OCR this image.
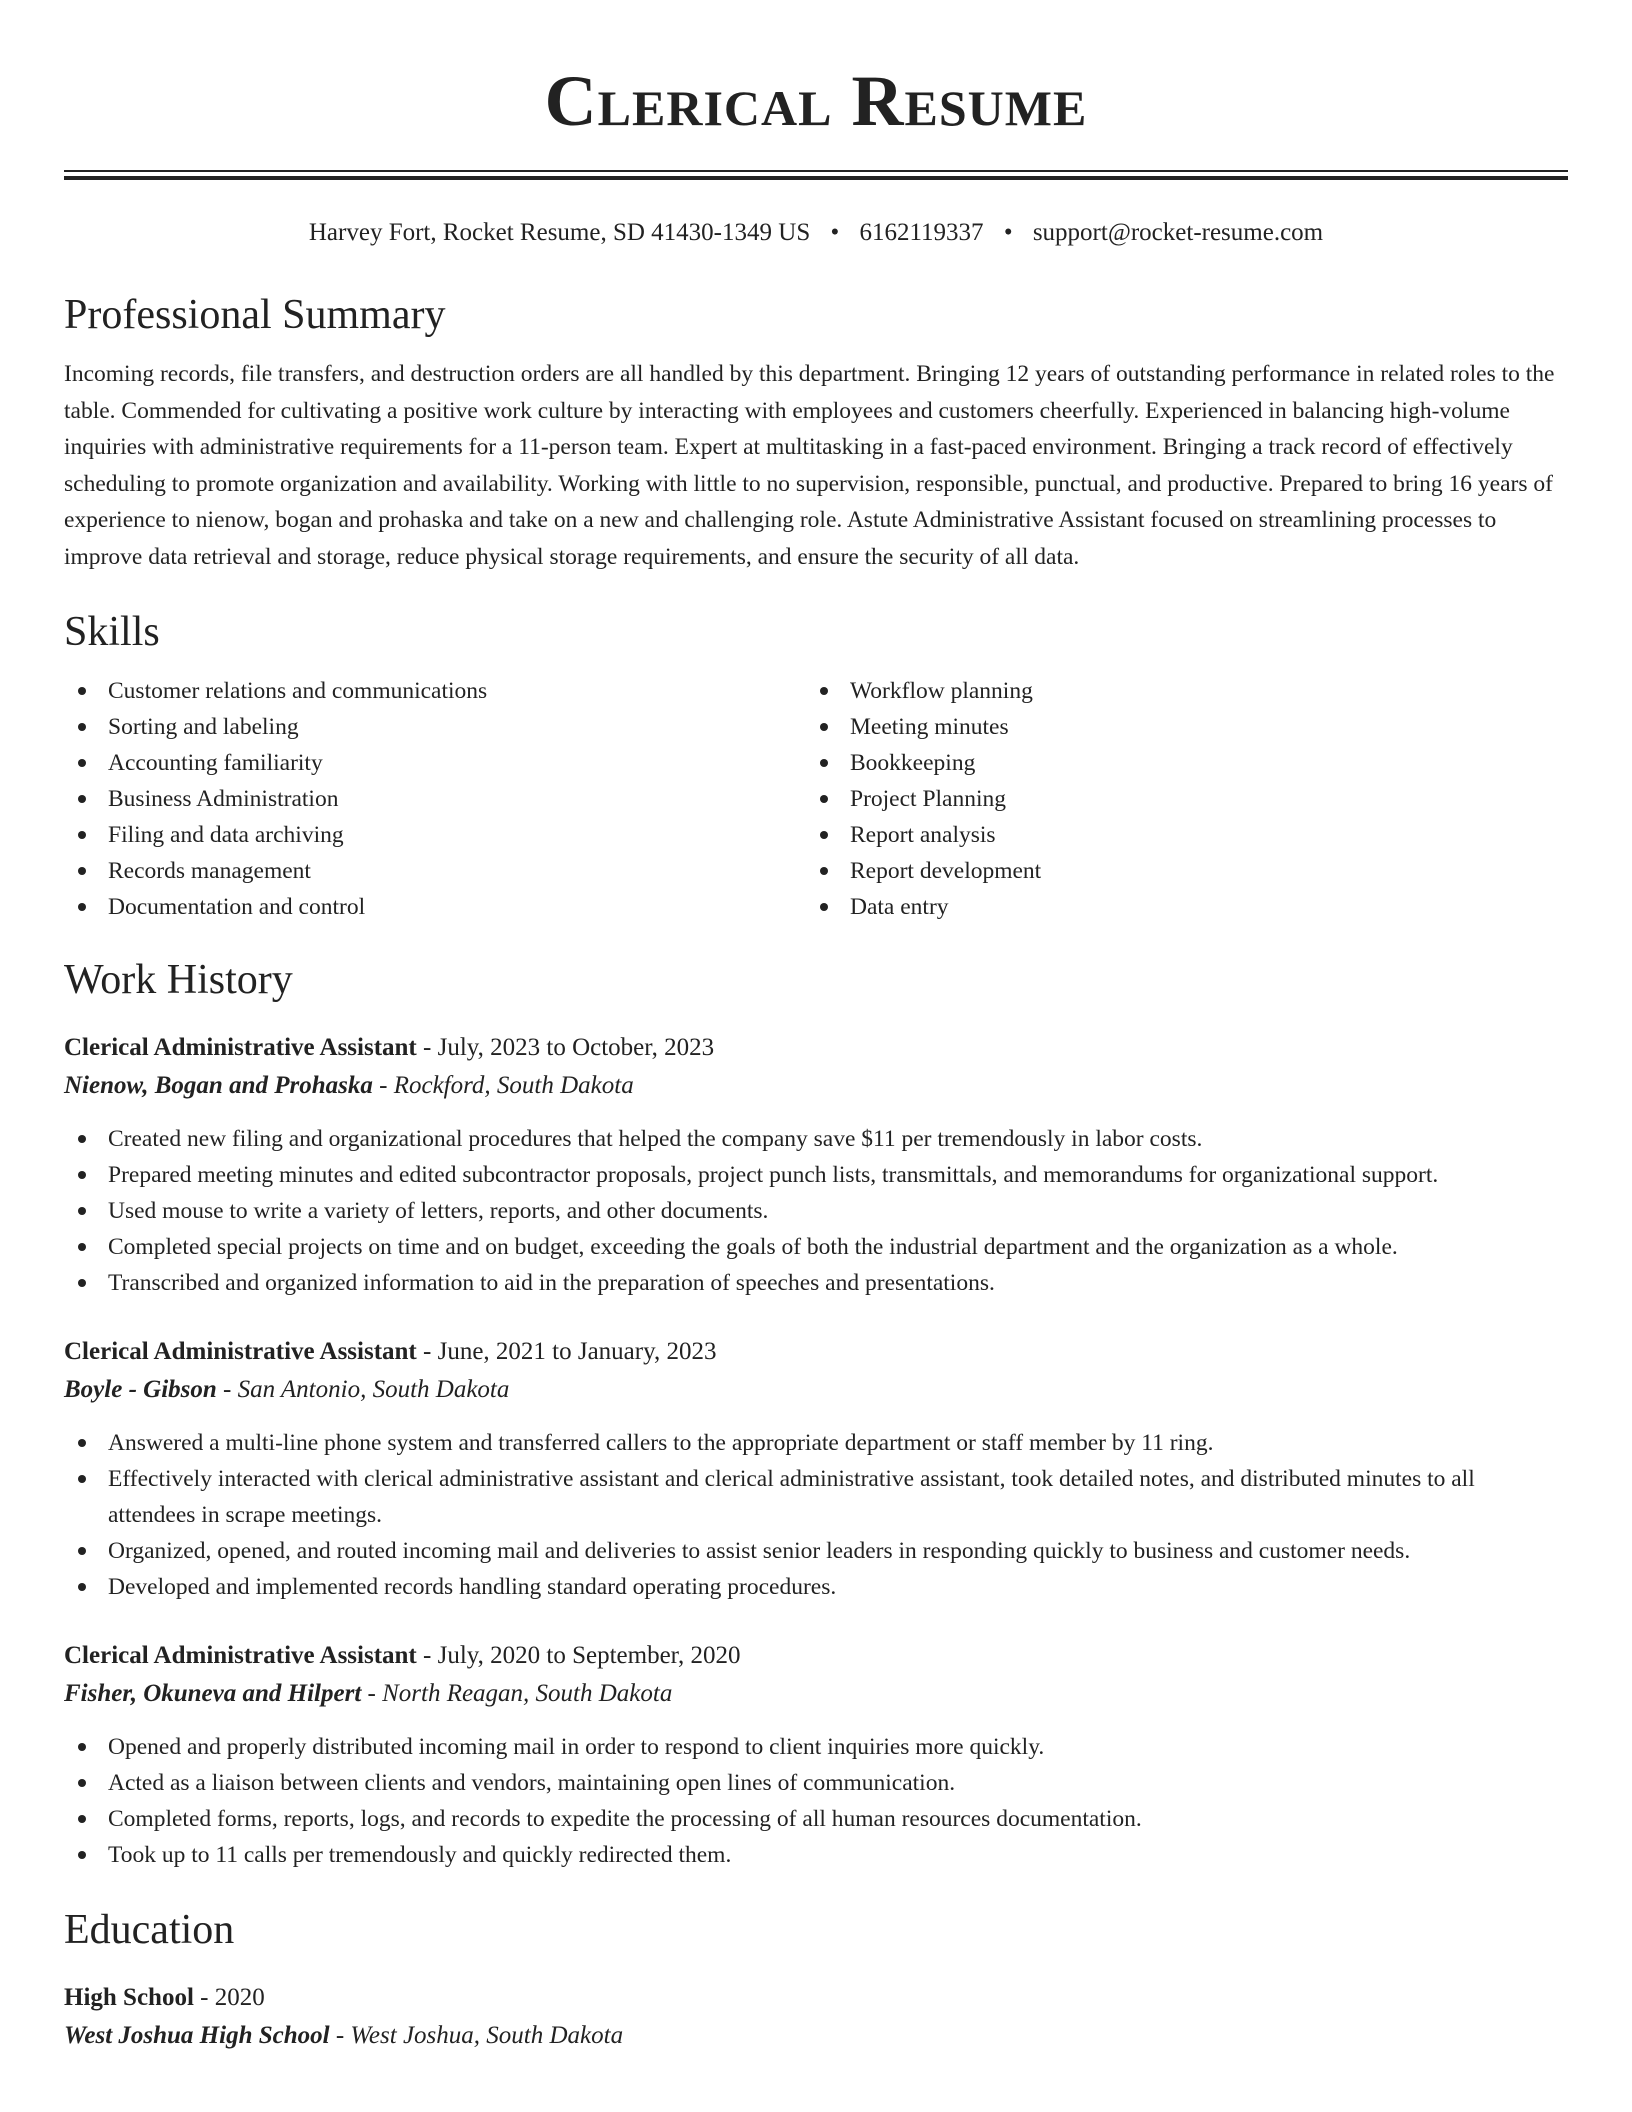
Clerical Resume
Harvey Fort, Rocket Resume, SD 41430-1349 US • 6162119337 • support@rocket-resume.com
Professional Summary
Incoming records, file transfers, and destruction orders are all handled by this department. Bringing 12 years of outstanding performance in related roles to the table. Commended for cultivating a positive work culture by interacting with employees and customers cheerfully. Experienced in balancing high-volume inquiries with administrative requirements for a 11-person team. Expert at multitasking in a fast-paced environment. Bringing a track record of effectively scheduling to promote organization and availability. Working with little to no supervision, responsible, punctual, and productive. Prepared to bring 16 years of experience to nienow, bogan and prohaska and take on a new and challenging role. Astute Administrative Assistant focused on streamlining processes to improve data retrieval and storage, reduce physical storage requirements, and ensure the security of all data.
Skills
Customer relations and communications
Sorting and labeling
Accounting familiarity
Business Administration
Filing and data archiving
Records management
Documentation and control
Workflow planning
Meeting minutes
Bookkeeping
Project Planning
Report analysis
Report development
Data entry
Work History
Clerical Administrative Assistant - July, 2023 to October, 2023
Nienow, Bogan and Prohaska - Rockford, South Dakota
Created new filing and organizational procedures that helped the company save $11 per tremendously in labor costs.
Prepared meeting minutes and edited subcontractor proposals, project punch lists, transmittals, and memorandums for organizational support.
Used mouse to write a variety of letters, reports, and other documents.
Completed special projects on time and on budget, exceeding the goals of both the industrial department and the organization as a whole.
Transcribed and organized information to aid in the preparation of speeches and presentations.
Clerical Administrative Assistant - June, 2021 to January, 2023
Boyle - Gibson - San Antonio, South Dakota
Answered a multi-line phone system and transferred callers to the appropriate department or staff member by 11 ring.
Effectively interacted with clerical administrative assistant and clerical administrative assistant, took detailed notes, and distributed minutes to all attendees in scrape meetings.
Organized, opened, and routed incoming mail and deliveries to assist senior leaders in responding quickly to business and customer needs.
Developed and implemented records handling standard operating procedures.
Clerical Administrative Assistant - July, 2020 to September, 2020
Fisher, Okuneva and Hilpert - North Reagan, South Dakota
Opened and properly distributed incoming mail in order to respond to client inquiries more quickly.
Acted as a liaison between clients and vendors, maintaining open lines of communication.
Completed forms, reports, logs, and records to expedite the processing of all human resources documentation.
Took up to 11 calls per tremendously and quickly redirected them.
Education
High School - 2020
West Joshua High School - West Joshua, South Dakota
